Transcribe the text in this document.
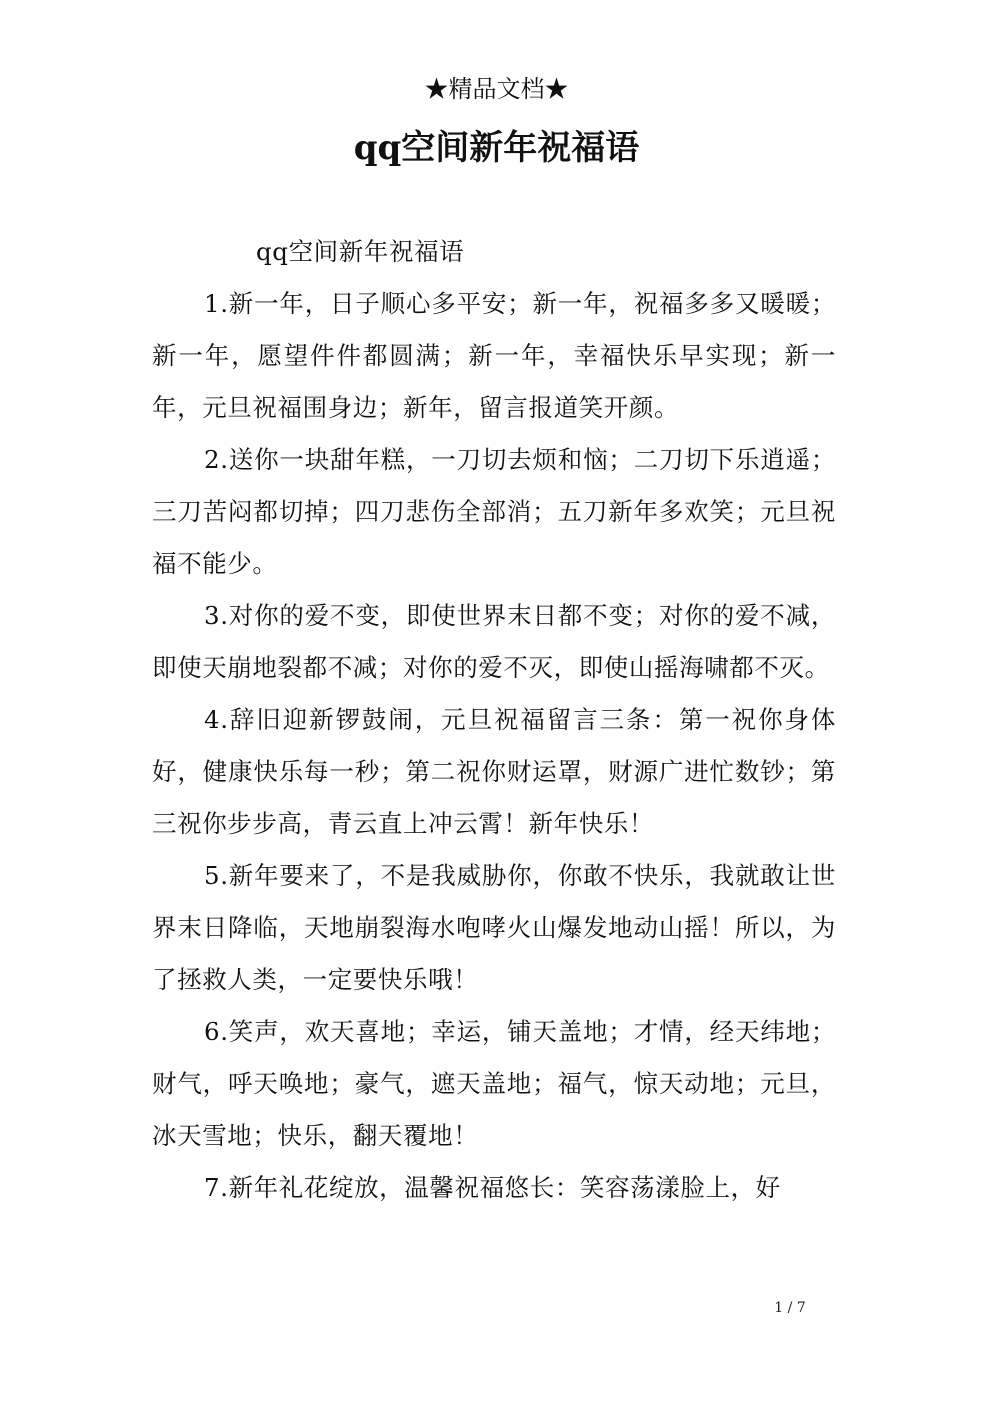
★精品文档★
qq空间新年祝福语

qq空间新年祝福语

1.新一年，日子顺心多平安；新一年，祝福多多又暖暖；新一年，愿望件件都圆满；新一年，幸福快乐早实现；新一年，元旦祝福围身边；新年，留言报道笑开颜。

2.送你一块甜年糕，一刀切去烦和恼；二刀切下乐逍遥；三刀苦闷都切掉；四刀悲伤全部消；五刀新年多欢笑；元旦祝福不能少。

3.对你的爱不变，即使世界末日都不变；对你的爱不减，即使天崩地裂都不减；对你的爱不灭，即使山摇海啸都不灭。

4.辞旧迎新锣鼓闹，元旦祝福留言三条：第一祝你身体好，健康快乐每一秒；第二祝你财运罩，财源广进忙数钞；第三祝你步步高，青云直上冲云霄！新年快乐！

5.新年要来了，不是我威胁你，你敢不快乐，我就敢让世界末日降临，天地崩裂海水咆哮火山爆发地动山摇！所以，为了拯救人类，一定要快乐哦！

6.笑声，欢天喜地；幸运，铺天盖地；才情，经天纬地；财气，呼天唤地；豪气，遮天盖地；福气，惊天动地；元旦，冰天雪地；快乐，翻天覆地！

7.新年礼花绽放，温馨祝福悠长：笑容荡漾脸上，好

1 / 7
